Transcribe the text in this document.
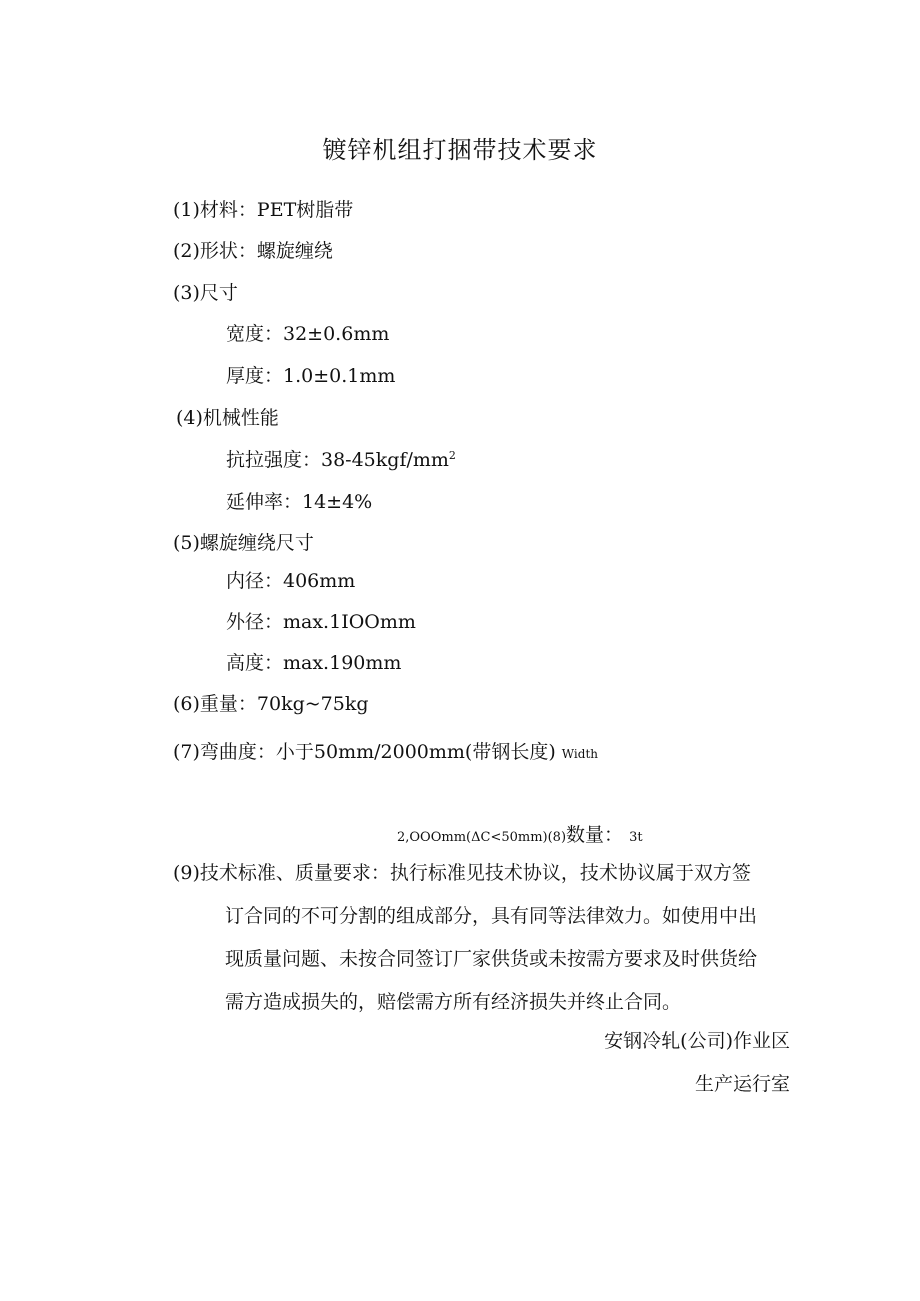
镀锌机组打捆带技术要求
(1)材料：PET树脂带
(2)形状：螺旋缠绕
(3)尺寸
宽度：32±0.6mm
厚度：1.0±0.1mm
(4)机械性能
抗拉强度：$38-45kgf∕mm^2$
延伸率：14±4%
(5)螺旋缠绕尺寸
内径：406mm
外径：max.1IOOmm
高度：max.190mm
(6)重量：70kg~75kg
(7)弯曲度：小于50mm∕2000mm(带钢长度) Width
2,OOOmm(ΔC<50mm)(8)数量： 3t
(9)技术标准、质量要求：执行标准见技术协议，技术协议属于双方签
订合同的不可分割的组成部分，具有同等法律效力。如使用中出
现质量问题、未按合同签订厂家供货或未按需方要求及时供货给
需方造成损失的，赔偿需方所有经济损失并终止合同。
安钢冷轧(公司)作业区
生产运行室
